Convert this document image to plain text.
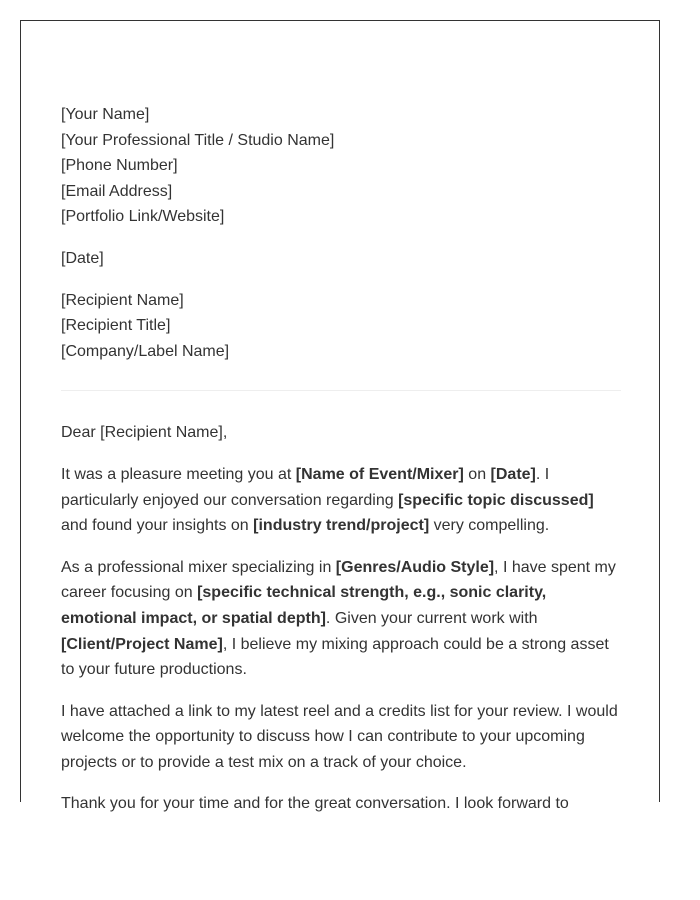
[Your Name]
[Your Professional Title / Studio Name]
[Phone Number]
[Email Address]
[Portfolio Link/Website]
[Date]
[Recipient Name]
[Recipient Title]
[Company/Label Name]

Dear [Recipient Name],

It was a pleasure meeting you at [Name of Event/Mixer] on [Date]. I particularly enjoyed our conversation regarding [specific topic discussed] and found your insights on [industry trend/project] very compelling.

As a professional mixer specializing in [Genres/Audio Style], I have spent my career focusing on [specific technical strength, e.g., sonic clarity, emotional impact, or spatial depth]. Given your current work with [Client/Project Name], I believe my mixing approach could be a strong asset to your future productions.

I have attached a link to my latest reel and a credits list for your review. I would welcome the opportunity to discuss how I can contribute to your upcoming projects or to provide a test mix on a track of your choice.

Thank you for your time and for the great conversation. I look forward to
